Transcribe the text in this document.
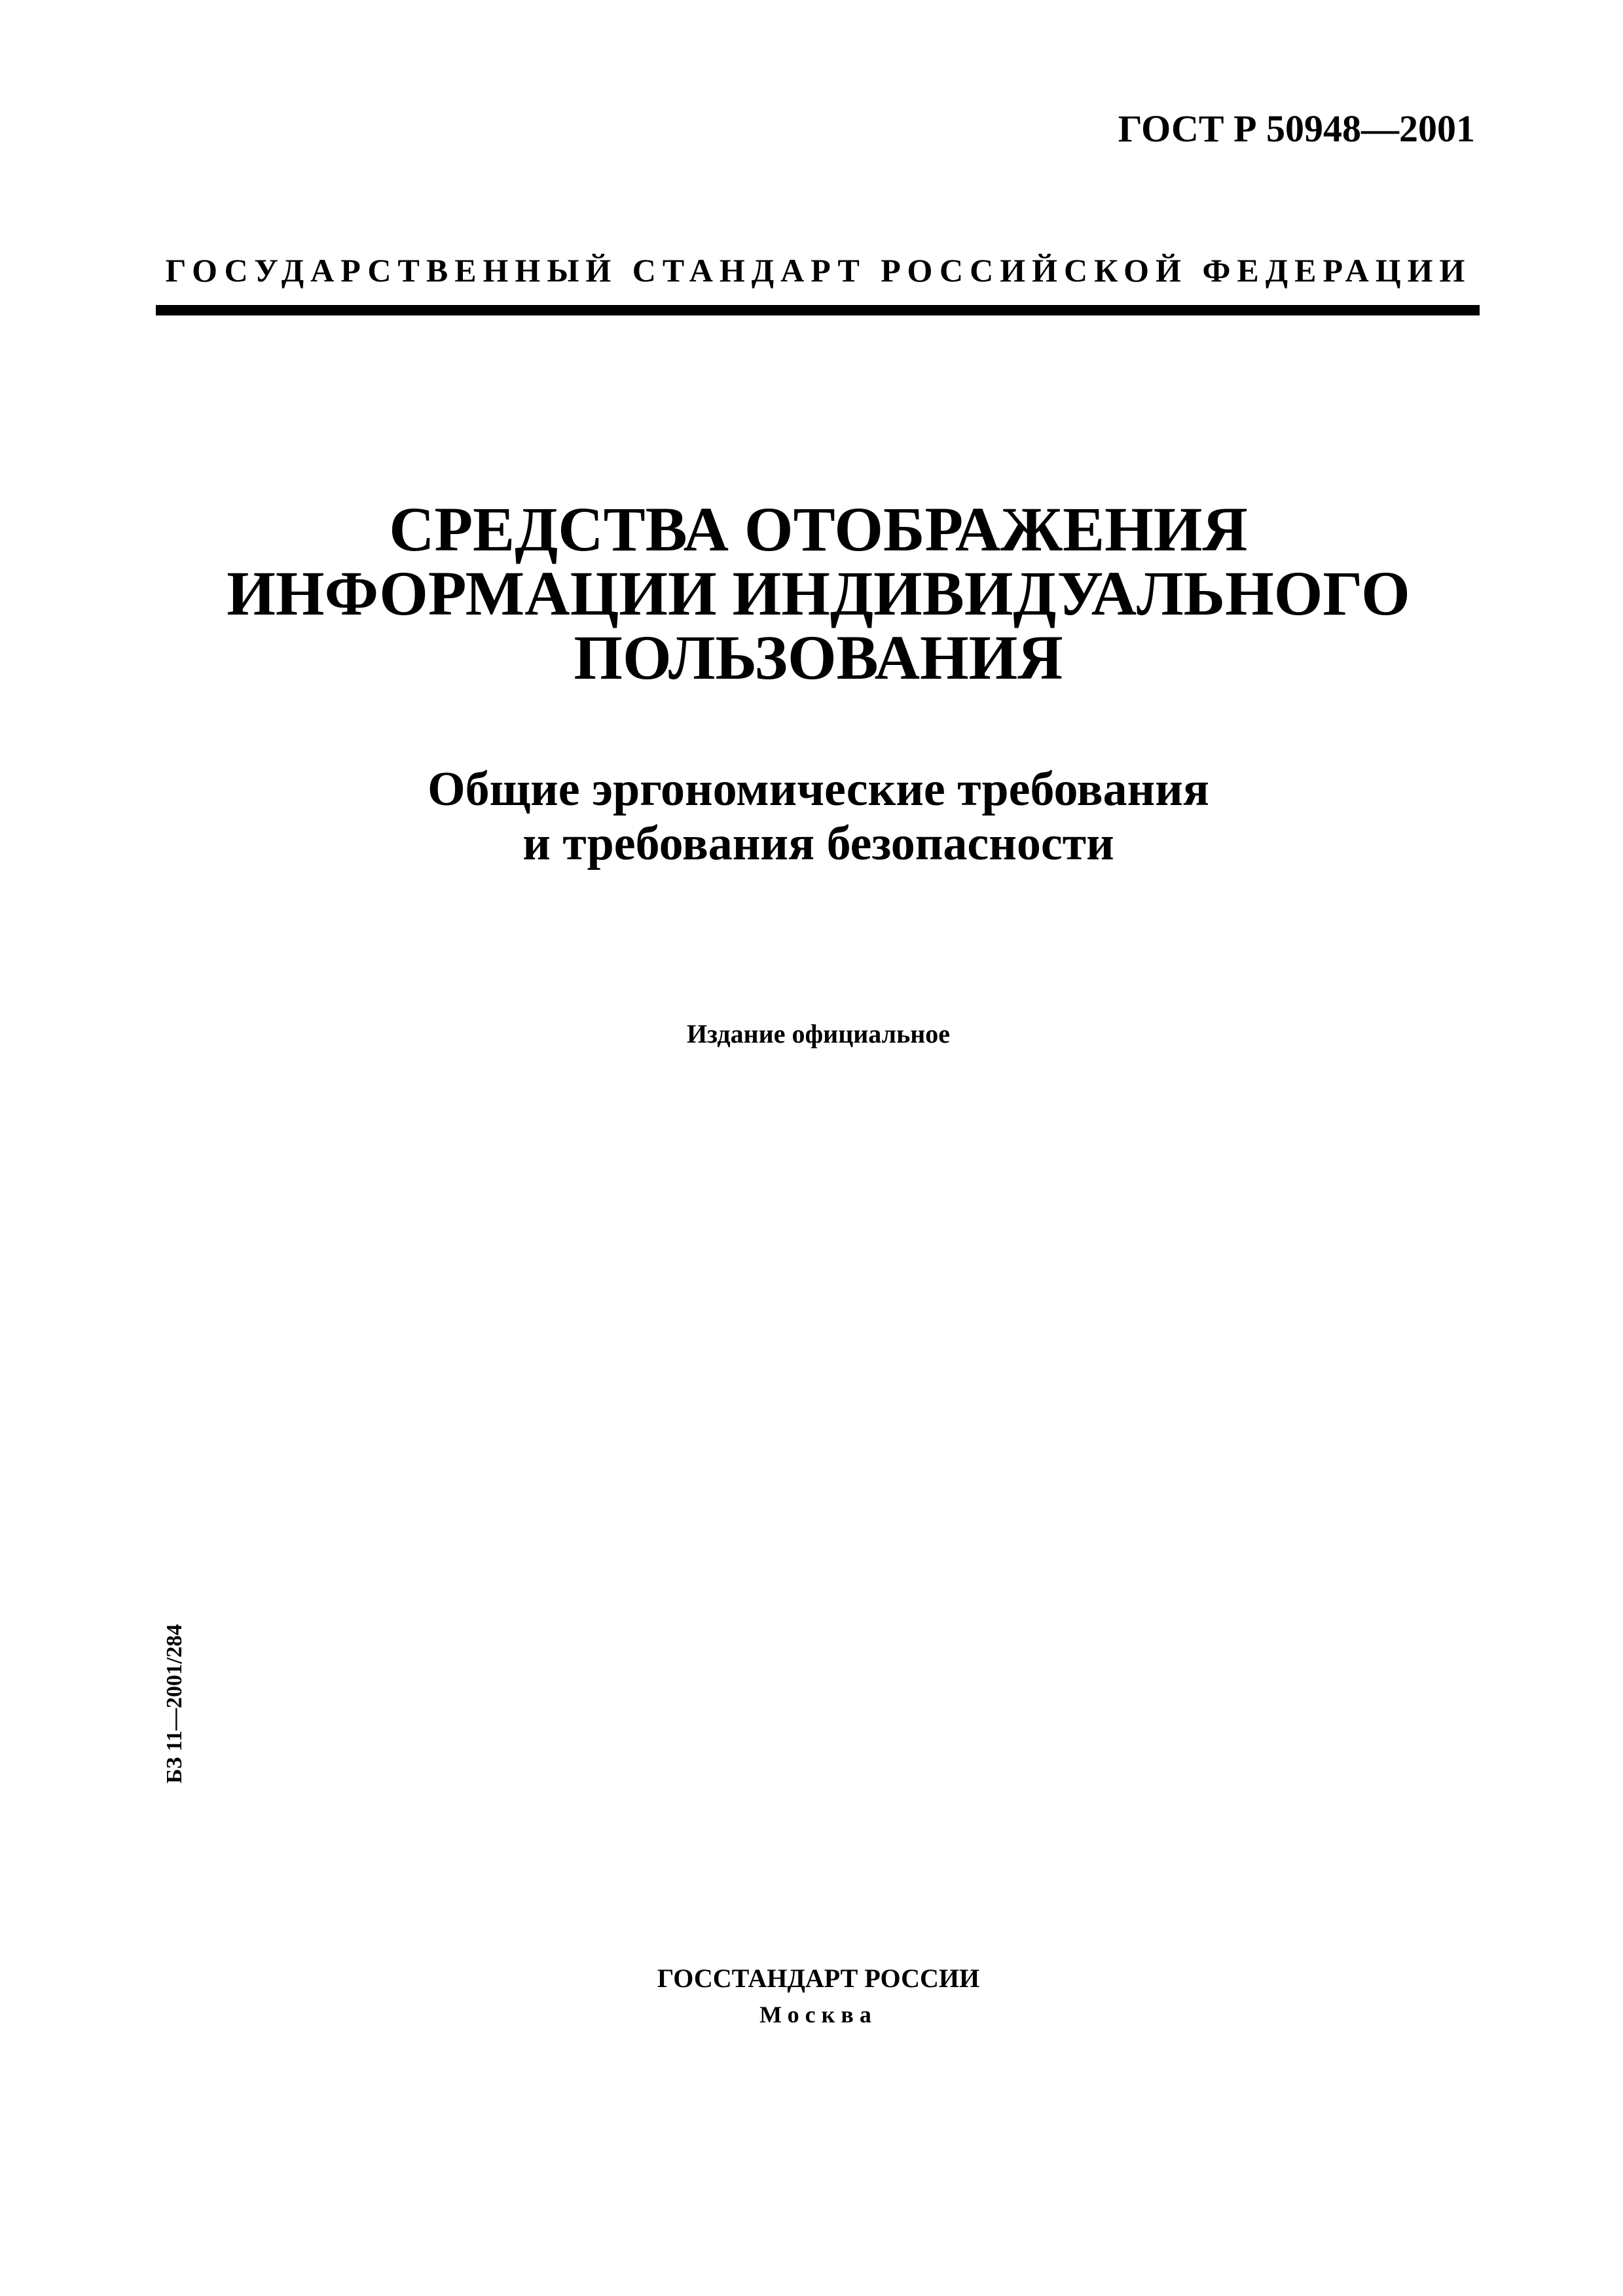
ГОСТ Р 50948—2001
ГОСУДАРСТВЕННЫЙ СТАНДАРТ РОССИЙСКОЙ ФЕДЕРАЦИИ
СРЕДСТВА ОТОБРАЖЕНИЯ
ИНФОРМАЦИИ ИНДИВИДУАЛЬНОГО
ПОЛЬЗОВАНИЯ
Общие эргономические требования
и требования безопасности
Издание официальное
БЗ 11—2001/284
ГОССТАНДАРТ РОССИИ
Москва
